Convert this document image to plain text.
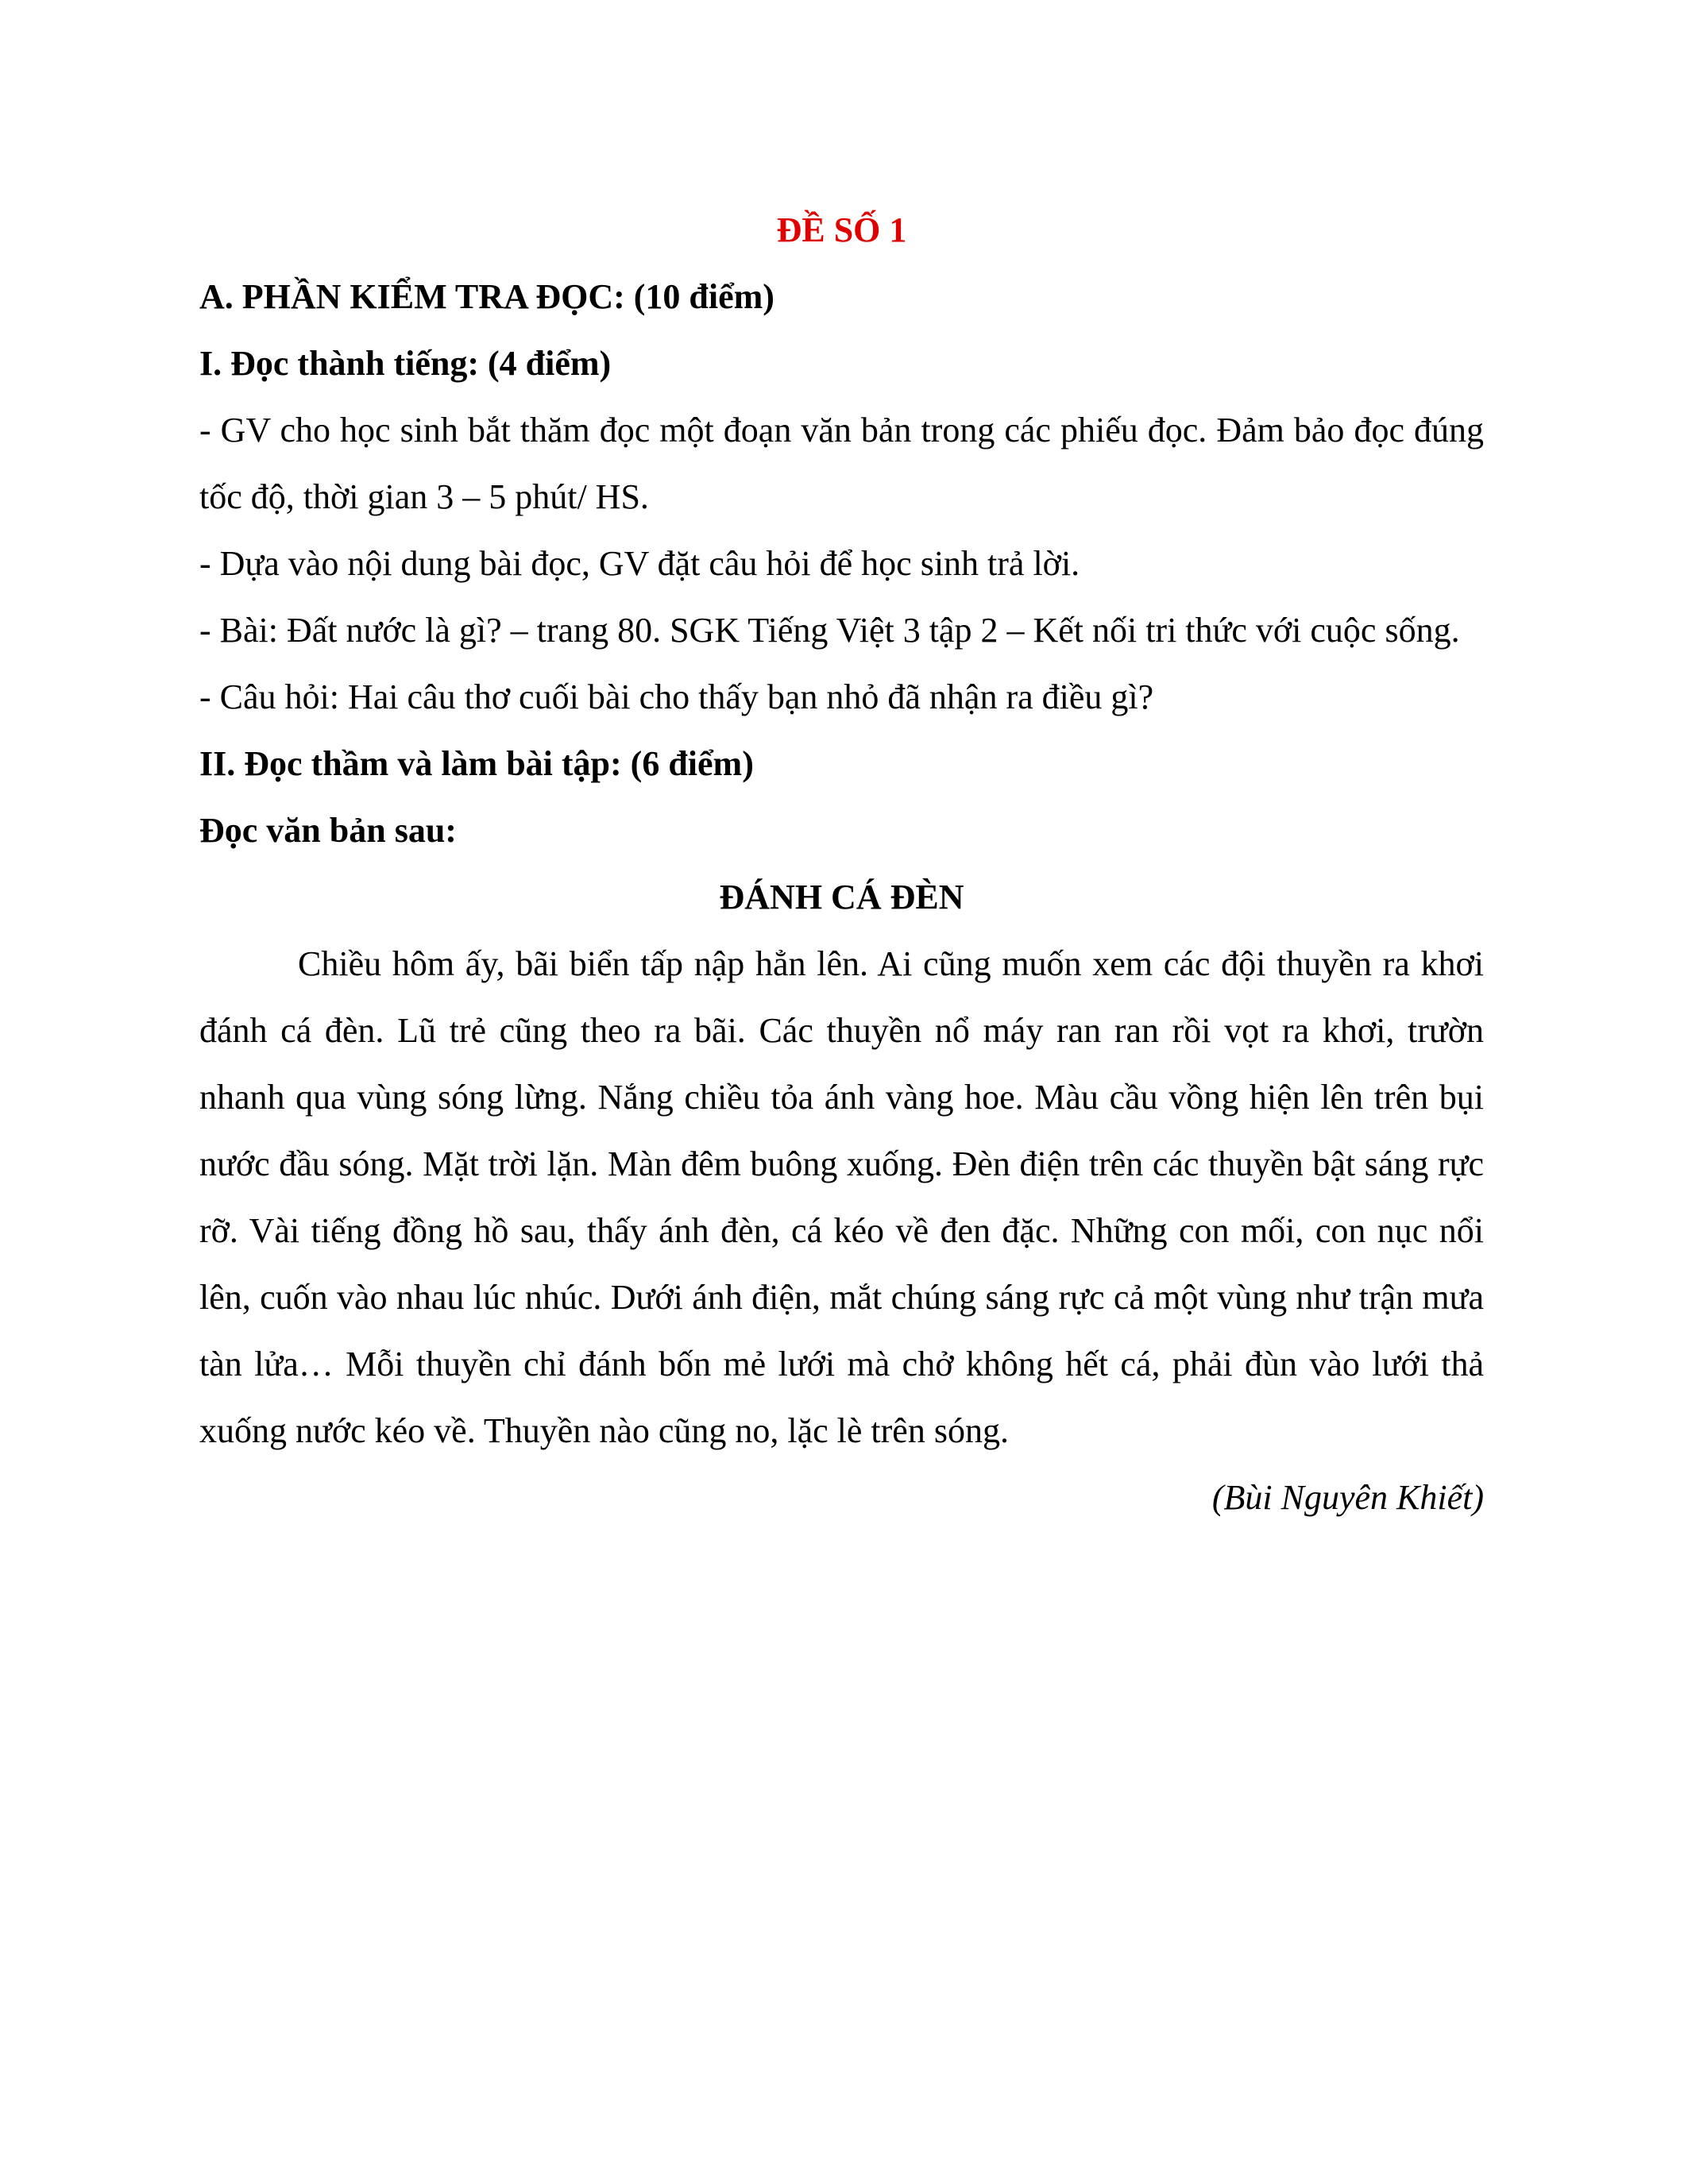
ĐỀ SỐ 1

A. PHẦN KIỂM TRA ĐỌC: (10 điểm)

I. Đọc thành tiếng: (4 điểm)

- GV cho học sinh bắt thăm đọc một đoạn văn bản trong các phiếu đọc. Đảm bảo đọc đúng tốc độ, thời gian 3 – 5 phút/ HS.

- Dựa vào nội dung bài đọc, GV đặt câu hỏi để học sinh trả lời.

- Bài: Đất nước là gì? – trang 80. SGK Tiếng Việt 3 tập 2 – Kết nối tri thức với cuộc sống.

- Câu hỏi: Hai câu thơ cuối bài cho thấy bạn nhỏ đã nhận ra điều gì?

II. Đọc thầm và làm bài tập: (6 điểm)

Đọc văn bản sau:

ĐÁNH CÁ ĐÈN

Chiều hôm ấy, bãi biển tấp nập hẳn lên. Ai cũng muốn xem các đội thuyền ra khơi đánh cá đèn. Lũ trẻ cũng theo ra bãi. Các thuyền nổ máy ran ran rồi vọt ra khơi, trườn nhanh qua vùng sóng lừng. Nắng chiều tỏa ánh vàng hoe. Màu cầu vồng hiện lên trên bụi nước đầu sóng. Mặt trời lặn. Màn đêm buông xuống. Đèn điện trên các thuyền bật sáng rực rỡ. Vài tiếng đồng hồ sau, thấy ánh đèn, cá kéo về đen đặc. Những con mối, con nục nổi lên, cuốn vào nhau lúc nhúc. Dưới ánh điện, mắt chúng sáng rực cả một vùng như trận mưa tàn lửa… Mỗi thuyền chỉ đánh bốn mẻ lưới mà chở không hết cá, phải đùn vào lưới thả xuống nước kéo về. Thuyền nào cũng no, lặc lè trên sóng.

(Bùi Nguyên Khiết)
